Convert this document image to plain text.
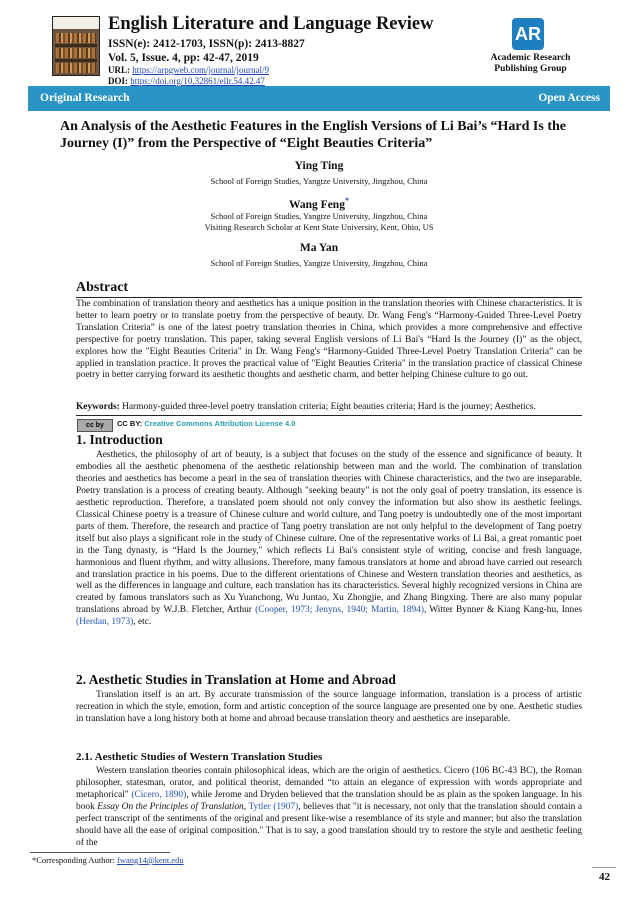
English Literature and Language Review
ISSN(e): 2412-1703, ISSN(p): 2413-8827
Vol. 5, Issue. 4, pp: 42-47, 2019
URL: https://arpgweb.com/journal/journal/9
DOI: https://doi.org/10.32861/ellr.54.42.47
AR
Academic Research Publishing Group
Original Research	Open Access
An Analysis of the Aesthetic Features in the English Versions of Li Bai’s “Hard Is the Journey (I)” from the Perspective of “Eight Beauties Criteria”
Ying Ting
School of Foreign Studies, Yangtze University, Jingzhou, China
Wang Feng*
School of Foreign Studies, Yangtze University, Jingzhou, China
Visiting Research Scholar at Kent State University, Kent, Ohio, US
Ma Yan
School of Foreign Studies, Yangtze University, Jingzhou, China
Abstract
The combination of translation theory and aesthetics has a unique position in the translation theories with Chinese characteristics. It is better to learn poetry or to translate poetry from the perspective of beauty. Dr. Wang Feng's “Harmony-Guided Three-Level Poetry Translation Criteria” is one of the latest poetry translation theories in China, which provides a more comprehensive and effective perspective for poetry translation. This paper, taking several English versions of Li Bai's “Hard Is the Journey (I)” as the object, explores how the "Eight Beauties Criteria" in Dr. Wang Feng's “Harmony-Guided Three-Level Poetry Translation Criteria” can be applied in translation practice. It proves the practical value of "Eight Beauties Criteria" in the translation practice of classical Chinese poetry in better carrying forward its aesthetic thoughts and aesthetic charm, and better helping Chinese culture to go out.
Keywords: Harmony-guided three-level poetry translation criteria; Eight beauties criteria; Hard is the journey; Aesthetics.
cc by	CC BY: Creative Commons Attribution License 4.0
1. Introduction
Aesthetics, the philosophy of art of beauty, is a subject that focuses on the study of the essence and significance of beauty. It embodies all the aesthetic phenomena of the aesthetic relationship between man and the world. The combination of translation theories and aesthetics has become a pearl in the sea of translation theories with Chinese characteristics, and the two are inseparable. Poetry translation is a process of creating beauty. Although "seeking beauty" is not the only goal of poetry translation, its essence is aesthetic reproduction. Therefore, a translated poem should not only convey the information but also show its aesthetic feelings. Classical Chinese poetry is a treasure of Chinese culture and world culture, and Tang poetry is undoubtedly one of the most important parts of them. Therefore, the research and practice of Tang poetry translation are not only helpful to the development of Tang poetry itself but also plays a significant role in the study of Chinese culture. One of the representative works of Li Bai, a great romantic poet in the Tang dynasty, is “Hard Is the Journey," which reflects Li Bai's consistent style of writing, concise and fresh language, harmonious and fluent rhythm, and witty allusions. Therefore, many famous translators at home and abroad have carried out research and translation practice in his poems. Due to the different orientations of Chinese and Western translation theories and aesthetics, as well as the differences in language and culture, each translation has its characteristics. Several highly recognized versions in China are created by famous translators such as Xu Yuanchong, Wu Juntao, Xu Zhongjie, and Zhang Bingxing. There are also many popular translations abroad by W.J.B. Fletcher, Arthur (Cooper, 1973; Jenyns, 1940; Martin, 1894), Witter Bynner & Kiang Kang-hu, Innes (Herdan, 1973), etc.
2. Aesthetic Studies in Translation at Home and Abroad
Translation itself is an art. By accurate transmission of the source language information, translation is a process of artistic recreation in which the style, emotion, form and artistic conception of the source language are presented one by one. Aesthetic studies in translation have a long history both at home and abroad because translation theory and aesthetics are inseparable.
2.1. Aesthetic Studies of Western Translation Studies
Western translation theories contain philosophical ideas, which are the origin of aesthetics. Cicero (106 BC-43 BC), the Roman philosopher, statesman, orator, and political theorist, demanded “to attain an elegance of expression with words appropriate and metaphorical" (Cicero, 1890), while Jerome and Dryden believed that the translation should be as plain as the spoken language. In his book Essay On the Principles of Translation, Tytler (1907), believes that "it is necessary, not only that the translation should contain a perfect transcript of the sentiments of the original and present like-wise a resemblance of its style and manner; but also the translation should have all the ease of original composition." That is to say, a good translation should try to restore the style and aesthetic feeling of the
*Corresponding Author: fwang14@kent.edu
42
